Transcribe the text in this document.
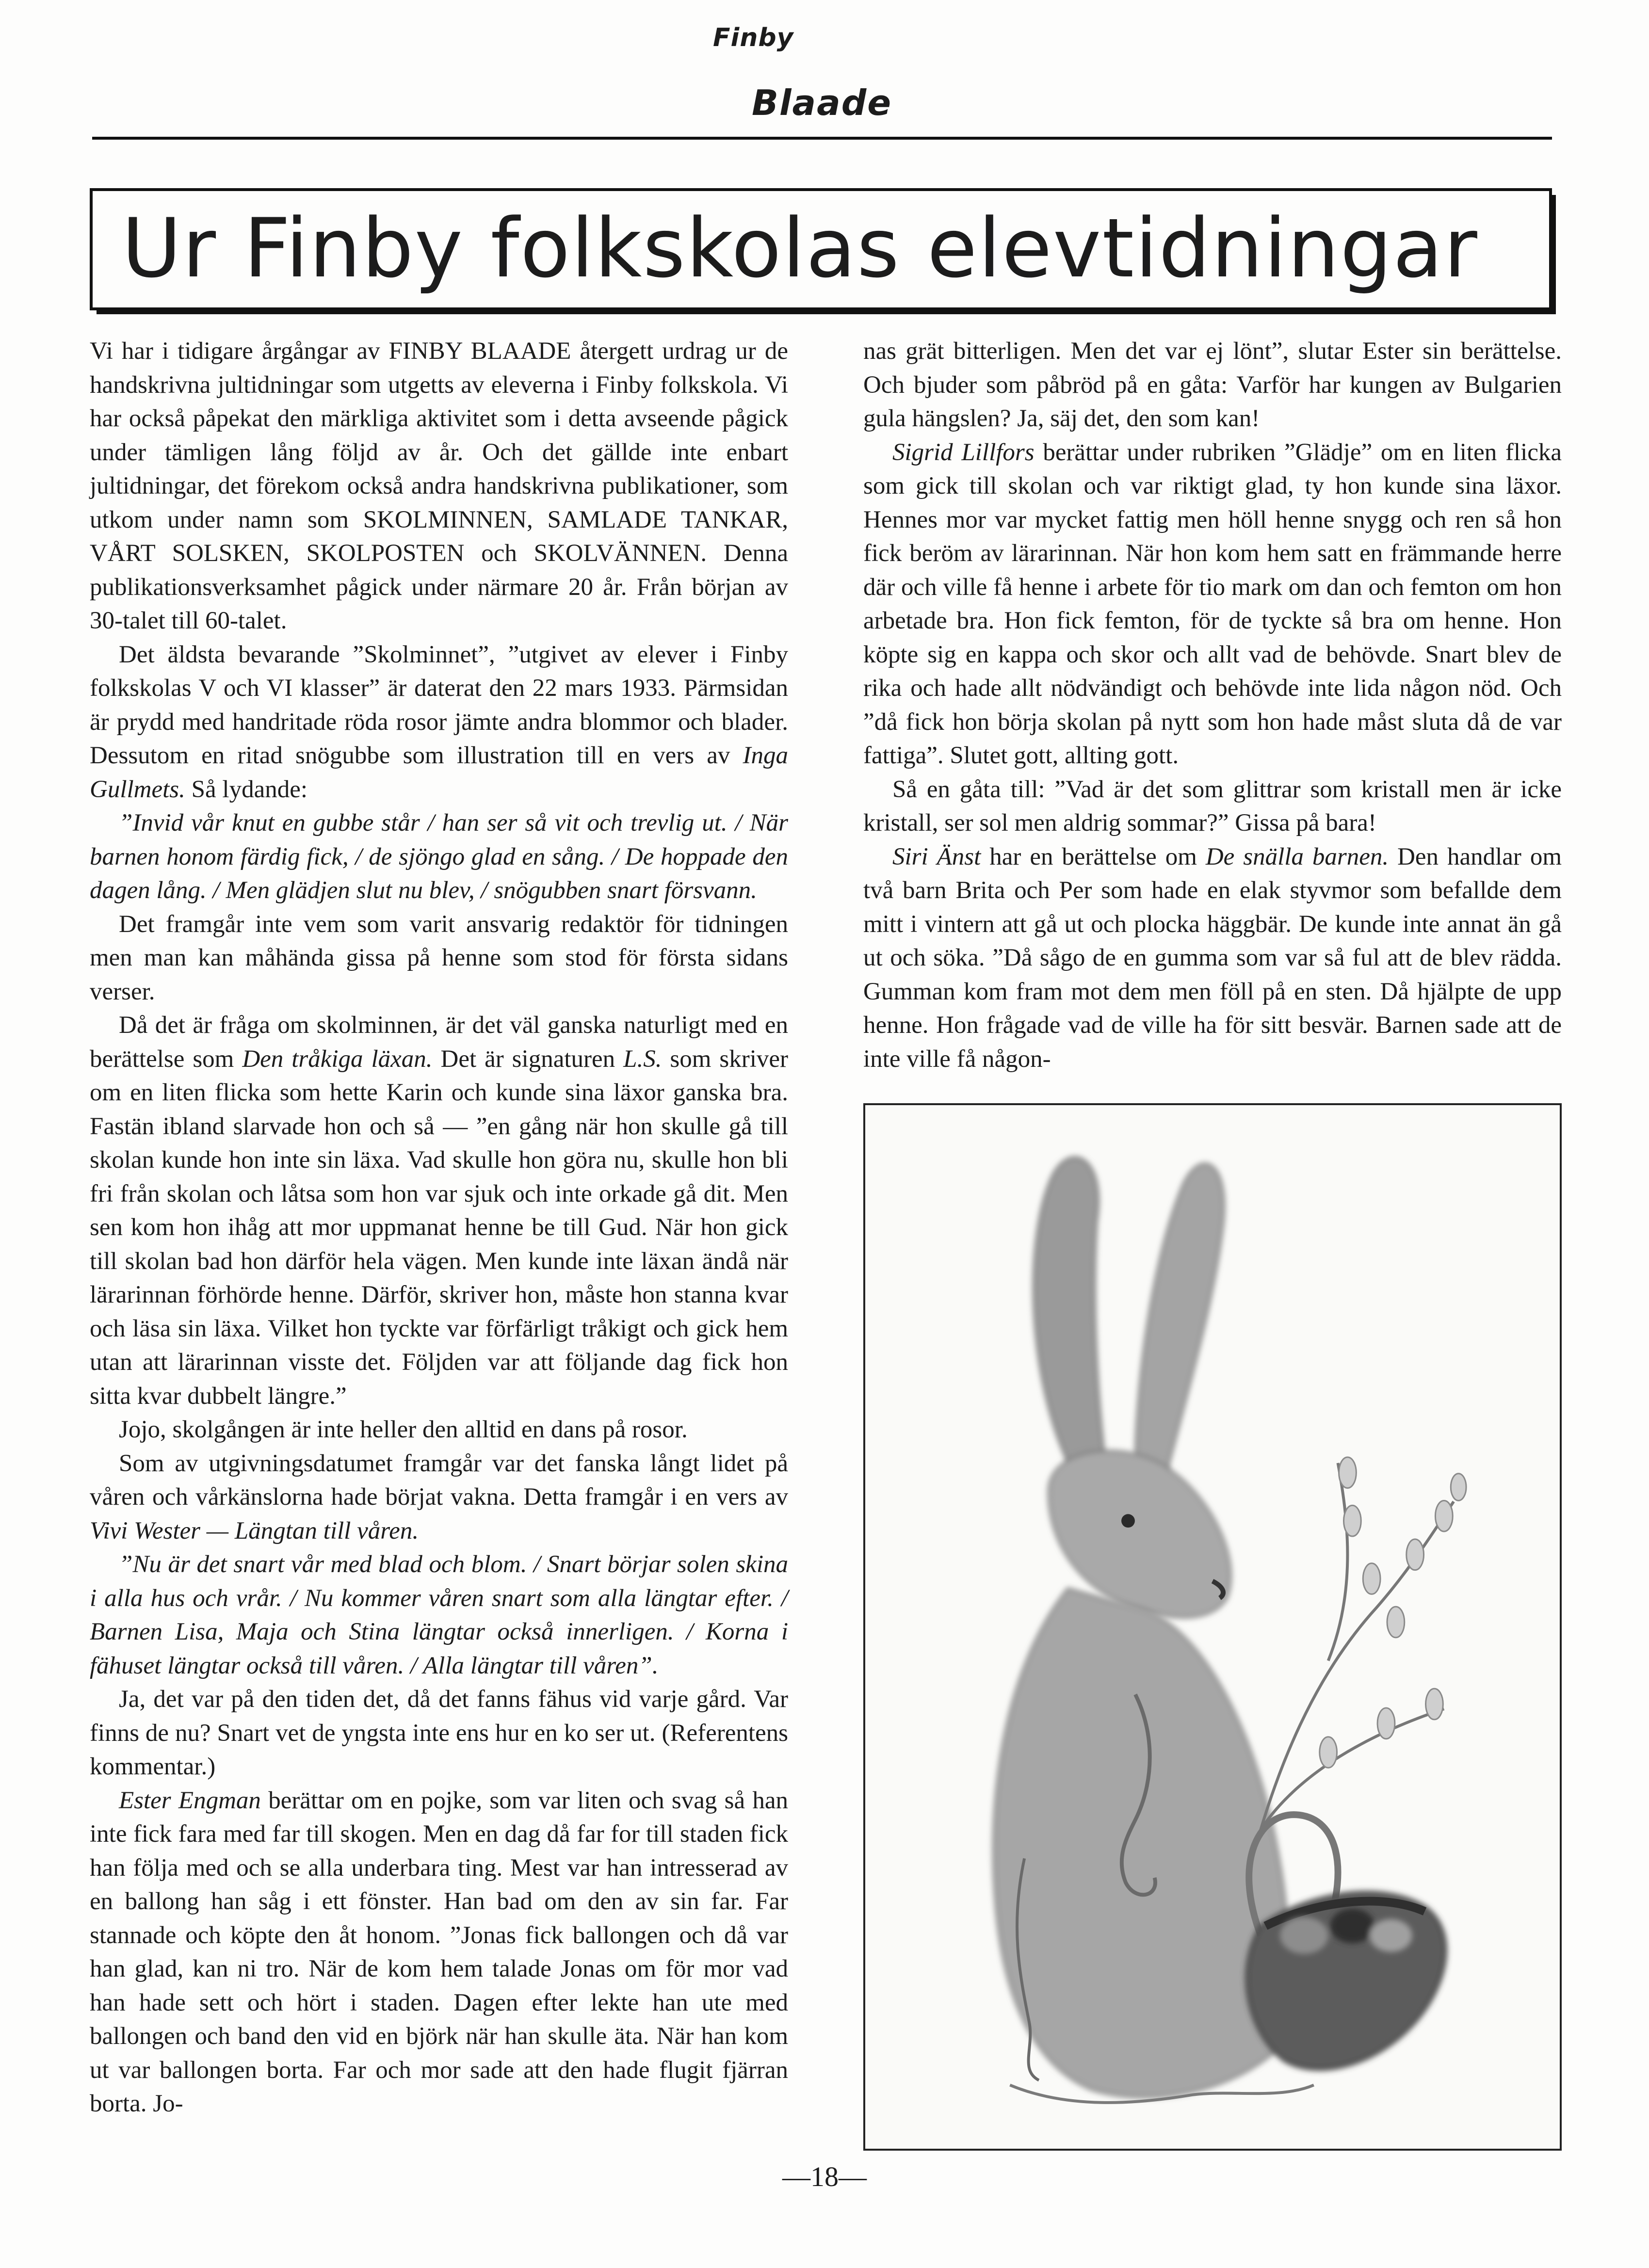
Finby
Blaade
Ur Finby folkskolas elevtidningar

Vi har i tidigare årgångar av FINBY BLAADE återgett urdrag ur de handskrivna jultidningar som utgetts av eleverna i Finby folkskola. Vi har också påpekat den märkliga aktivitet som i detta avseende pågick under tämligen lång följd av år. Och det gällde inte enbart jultidningar, det förekom också andra handskrivna publikationer, som utkom under namn som SKOLMINNEN, SAMLADE TANKAR, VÅRT SOLSKEN, SKOLPOSTEN och SKOLVÄNNEN. Denna publikationsverksamhet pågick under närmare 20 år. Från början av 30-talet till 60-talet.

Det äldsta bevarande ”Skolminnet”, ”utgivet av elever i Finby folkskolas V och VI klasser” är daterat den 22 mars 1933. Pärmsidan är prydd med handritade röda rosor jämte andra blommor och blader. Dessutom en ritad snögubbe som illustration till en vers av Inga Gullmets. Så lydande:

”Invid vår knut en gubbe står / han ser så vit och trevlig ut. / När barnen honom färdig fick, / de sjöngo glad en sång. / De hoppade den dagen lång. / Men glädjen slut nu blev, / snögubben snart försvann.

Det framgår inte vem som varit ansvarig redaktör för tidningen men man kan måhända gissa på henne som stod för första sidans verser.

Då det är fråga om skolminnen, är det väl ganska naturligt med en berättelse som Den tråkiga läxan. Det är signaturen L.S. som skriver om en liten flicka som hette Karin och kunde sina läxor ganska bra. Fastän ibland slarvade hon och så — ”en gång när hon skulle gå till skolan kunde hon inte sin läxa. Vad skulle hon göra nu, skulle hon bli fri från skolan och låtsa som hon var sjuk och inte orkade gå dit. Men sen kom hon ihåg att mor uppmanat henne be till Gud. När hon gick till skolan bad hon därför hela vägen. Men kunde inte läxan ändå när lärarinnan förhörde henne. Därför, skriver hon, måste hon stanna kvar och läsa sin läxa. Vilket hon tyckte var förfärligt tråkigt och gick hem utan att lärarinnan visste det. Följden var att följande dag fick hon sitta kvar dubbelt längre.”

Jojo, skolgången är inte heller den alltid en dans på rosor.

Som av utgivningsdatumet framgår var det fanska långt lidet på våren och vårkänslorna hade börjat vakna. Detta framgår i en vers av Vivi Wester — Längtan till våren.

”Nu är det snart vår med blad och blom. / Snart börjar solen skina i alla hus och vrår. / Nu kommer våren snart som alla längtar efter. / Barnen Lisa, Maja och Stina längtar också innerligen. / Korna i fähuset längtar också till våren. / Alla längtar till våren”.

Ja, det var på den tiden det, då det fanns fähus vid varje gård. Var finns de nu? Snart vet de yngsta inte ens hur en ko ser ut. (Referentens kommentar.)

Ester Engman berättar om en pojke, som var liten och svag så han inte fick fara med far till skogen. Men en dag då far for till staden fick han följa med och se alla underbara ting. Mest var han intresserad av en ballong han såg i ett fönster. Han bad om den av sin far. Far stannade och köpte den åt honom. ”Jonas fick ballongen och då var han glad, kan ni tro. När de kom hem talade Jonas om för mor vad han hade sett och hört i staden. Dagen efter lekte han ute med ballongen och band den vid en björk när han skulle äta. När han kom ut var ballongen borta. Far och mor sade att den hade flugit fjärran borta. Jo-

nas grät bitterligen. Men det var ej lönt”, slutar Ester sin berättelse. Och bjuder som påbröd på en gåta: Varför har kungen av Bulgarien gula hängslen? Ja, säj det, den som kan!

Sigrid Lillfors berättar under rubriken ”Glädje” om en liten flicka som gick till skolan och var riktigt glad, ty hon kunde sina läxor. Hennes mor var mycket fattig men höll henne snygg och ren så hon fick beröm av lärarinnan. När hon kom hem satt en främmande herre där och ville få henne i arbete för tio mark om dan och femton om hon arbetade bra. Hon fick femton, för de tyckte så bra om henne. Hon köpte sig en kappa och skor och allt vad de behövde. Snart blev de rika och hade allt nödvändigt och behövde inte lida någon nöd. Och ”då fick hon börja skolan på nytt som hon hade måst sluta då de var fattiga”. Slutet gott, allting gott.

Så en gåta till: ”Vad är det som glittrar som kristall men är icke kristall, ser sol men aldrig sommar?” Gissa på bara!

Siri Änst har en berättelse om De snälla barnen. Den handlar om två barn Brita och Per som hade en elak styvmor som befallde dem mitt i vintern att gå ut och plocka häggbär. De kunde inte annat än gå ut och söka. ”Då sågo de en gumma som var så ful att de blev rädda. Gumman kom fram mot dem men föll på en sten. Då hjälpte de upp henne. Hon frågade vad de ville ha för sitt besvär. Barnen sade att de inte ville få någon-

—18—
